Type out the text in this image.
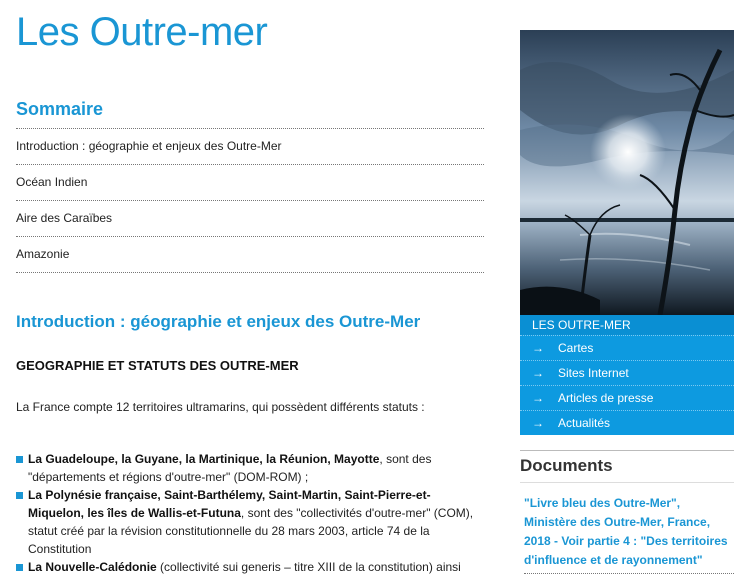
Les Outre-mer
Sommaire
Introduction : géographie et enjeux des Outre-Mer
Océan Indien
Aire des Caraïbes
Amazonie
Introduction : géographie et enjeux des Outre-Mer
GEOGRAPHIE ET STATUTS DES OUTRE-MER

La France compte 12 territoires ultramarins, qui possèdent différents statuts :

La Guadeloupe, la Guyane, la Martinique, la Réunion, Mayotte, sont des "départements et régions d'outre-mer" (DOM-ROM) ;
La Polynésie française, Saint-Barthélemy, Saint-Martin, Saint-Pierre-et-Miquelon, les îles de Wallis-et-Futuna, sont des "collectivités d'outre-mer" (COM), statut créé par la révision constitutionnelle du 28 mars 2003, article 74 de la Constitution
La Nouvelle-Calédonie (collectivité sui generis – titre XIII de la constitution) ainsi
LES OUTRE-MER
→ Cartes
→ Sites Internet
→ Articles de presse
→ Actualités
Documents
"Livre bleu des Outre-Mer", Ministère des Outre-Mer, France, 2018 - Voir partie 4 : "Des territoires d'influence et de rayonnement"
